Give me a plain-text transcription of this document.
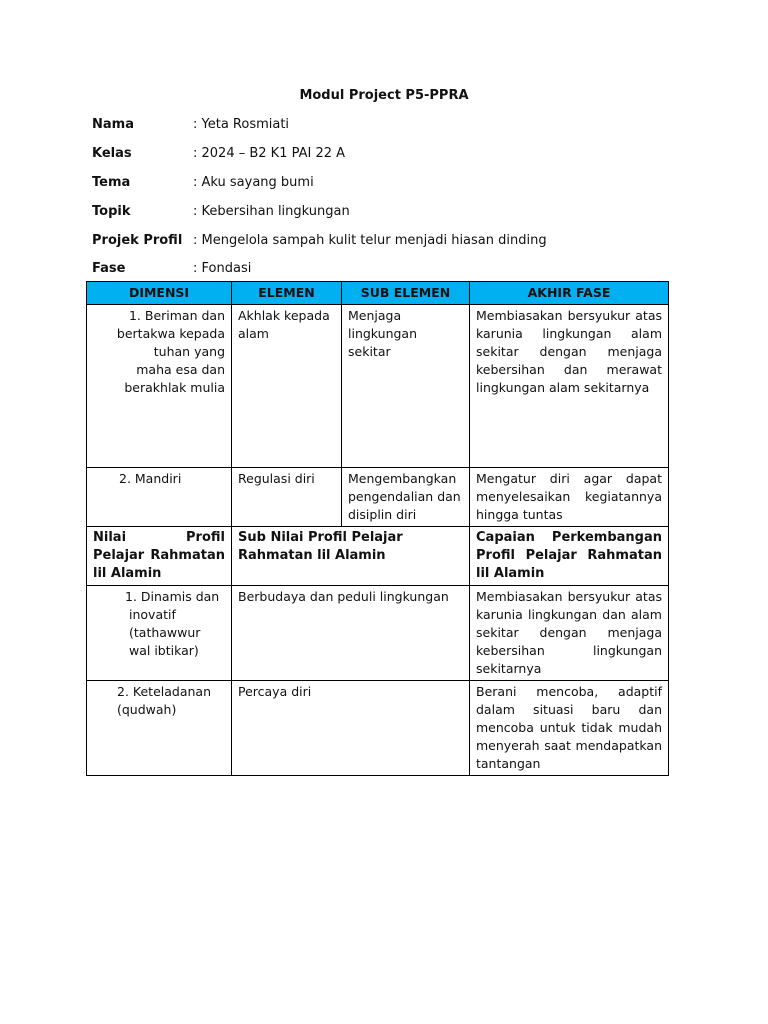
Modul Project P5-PPRA
Nama	: Yeta Rosmiati
Kelas	: 2024 – B2 K1 PAI 22 A
Tema	: Aku sayang bumi
Topik	: Kebersihan lingkungan
Projek Profil : Mengelola sampah kulit telur menjadi hiasan dinding
Fase	: Fondasi
DIMENSI	ELEMEN	SUB ELEMEN	AKHIR FASE
1. Beriman dan bertakwa kepada tuhan yang maha esa dan berakhlak mulia	Akhlak kepada alam	Menjaga lingkungan sekitar	Membiasakan bersyukur atas karunia lingkungan alam sekitar dengan menjaga kebersihan dan merawat lingkungan alam sekitarnya
2. Mandiri	Regulasi diri	Mengembangkan pengendalian dan disiplin diri	Mengatur diri agar dapat menyelesaikan kegiatannya hingga tuntas
Nilai Profil Pelajar Rahmatan lil Alamin	Sub Nilai Profil Pelajar Rahmatan lil Alamin		Capaian Perkembangan Profil Pelajar Rahmatan lil Alamin
1. Dinamis dan inovatif (tathawwur wal ibtikar)	Berbudaya dan peduli lingkungan		Membiasakan bersyukur atas karunia lingkungan dan alam sekitar dengan menjaga kebersihan lingkungan sekitarnya
2. Keteladanan (qudwah)	Percaya diri		Berani mencoba, adaptif dalam situasi baru dan mencoba untuk tidak mudah menyerah saat mendapatkan tantangan
